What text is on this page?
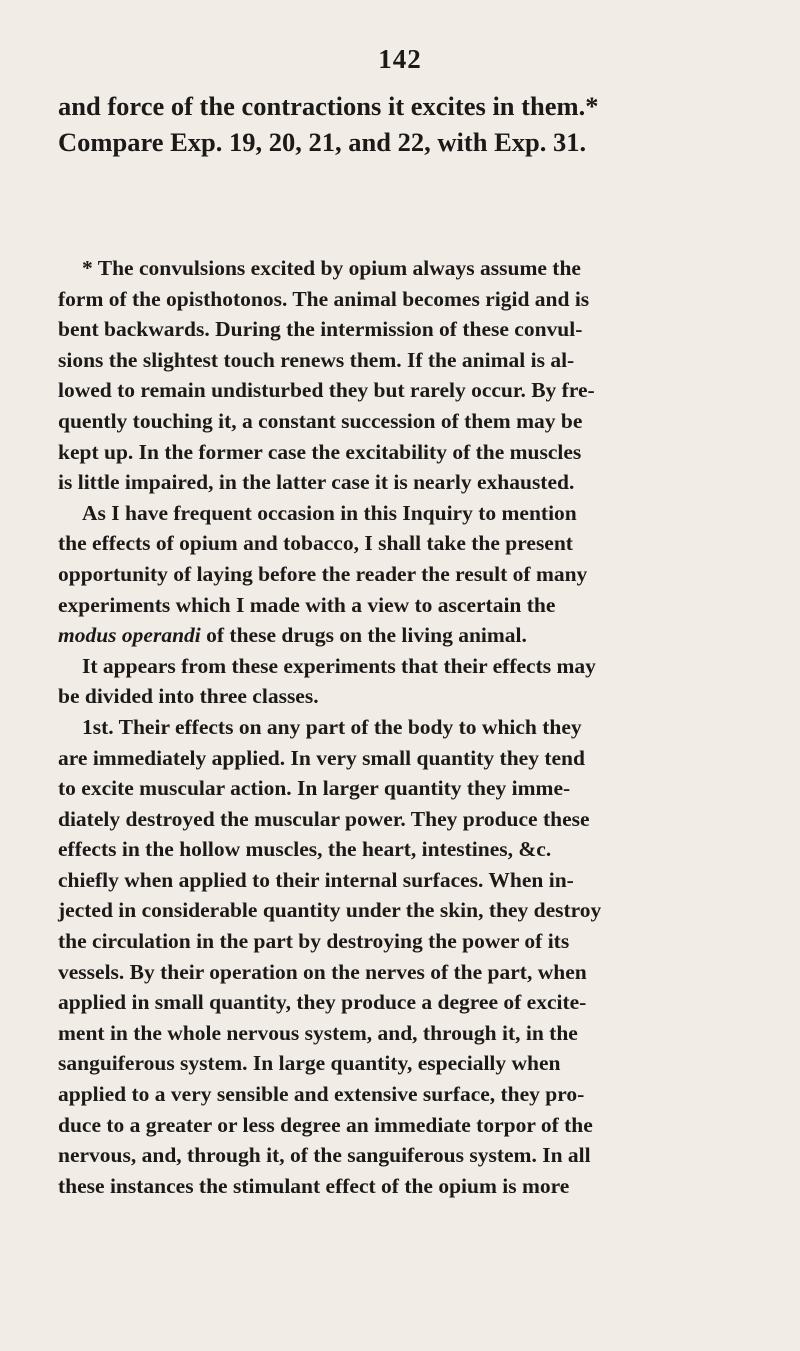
142
and force of the contractions it excites in them.*
Compare Exp. 19, 20, 21, and 22, with Exp. 31.
* The convulsions excited by opium always assume the
form of the opisthotonos. The animal becomes rigid and is
bent backwards. During the intermission of these convul-
sions the slightest touch renews them. If the animal is al-
lowed to remain undisturbed they but rarely occur. By fre-
quently touching it, a constant succession of them may be
kept up. In the former case the excitability of the muscles
is little impaired, in the latter case it is nearly exhausted.
As I have frequent occasion in this Inquiry to mention
the effects of opium and tobacco, I shall take the present
opportunity of laying before the reader the result of many
experiments which I made with a view to ascertain the
modus operandi of these drugs on the living animal.
It appears from these experiments that their effects may
be divided into three classes.
1st. Their effects on any part of the body to which they
are immediately applied. In very small quantity they tend
to excite muscular action. In larger quantity they imme-
diately destroyed the muscular power. They produce these
effects in the hollow muscles, the heart, intestines, &c.
chiefly when applied to their internal surfaces. When in-
jected in considerable quantity under the skin, they destroy
the circulation in the part by destroying the power of its
vessels. By their operation on the nerves of the part, when
applied in small quantity, they produce a degree of excite-
ment in the whole nervous system, and, through it, in the
sanguiferous system. In large quantity, especially when
applied to a very sensible and extensive surface, they pro-
duce to a greater or less degree an immediate torpor of the
nervous, and, through it, of the sanguiferous system. In all
these instances the stimulant effect of the opium is more
